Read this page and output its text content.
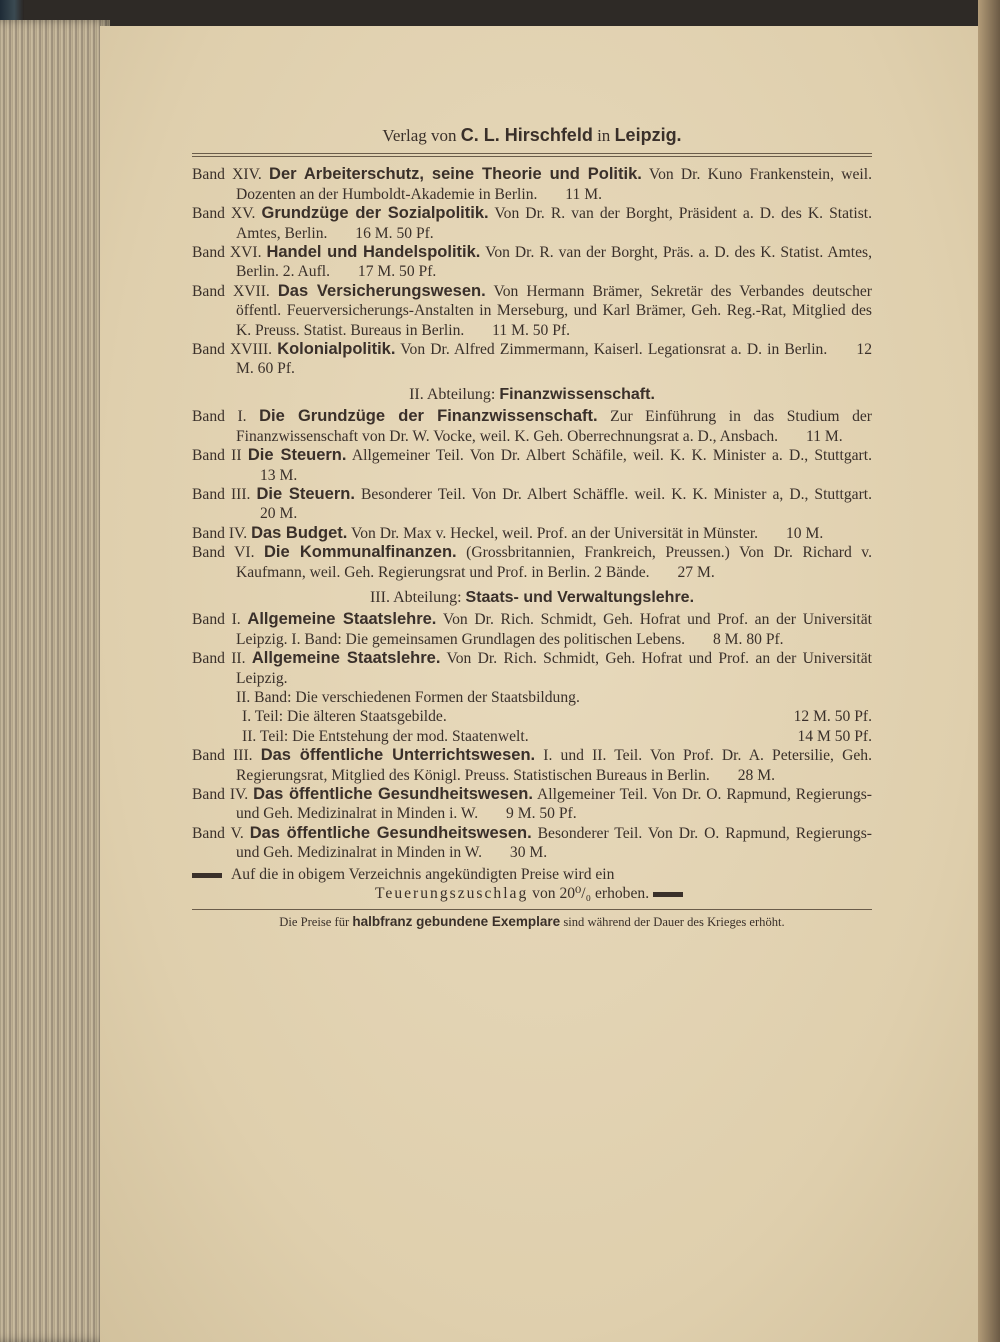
Verlag von C. L. Hirschfeld in Leipzig.

Band XIV. Der Arbeiterschutz, seine Theorie und Politik. Von Dr. Kuno Frankenstein, weil. Dozenten an der Humboldt-Akademie in Berlin. 11 M.

Band XV. Grundzüge der Sozialpolitik. Von Dr. R. van der Borght, Präsident a. D. des K. Statist. Amtes, Berlin. 16 M. 50 Pf.

Band XVI. Handel und Handelspolitik. Von Dr. R. van der Borght, Präs. a. D. des K. Statist. Amtes, Berlin. 2. Aufl. 17 M. 50 Pf.

Band XVII. Das Versicherungswesen. Von Hermann Brämer, Sekretär des Verbandes deutscher öffentl. Feuerversicherungs-Anstalten in Merseburg, und Karl Brämer, Geh. Reg.-Rat, Mitglied des K. Preuss. Statist. Bureaus in Berlin. 11 M. 50 Pf.

Band XVIII. Kolonialpolitik. Von Dr. Alfred Zimmermann, Kaiserl. Legationsrat a. D. in Berlin. 12 M. 60 Pf.

II. Abteilung: Finanzwissenschaft.

Band I. Die Grundzüge der Finanzwissenschaft. Zur Einführung in das Studium der Finanzwissenschaft von Dr. W. Vocke, weil. K. Geh. Oberrechnungsrat a. D., Ansbach. 11 M.

Band II Die Steuern. Allgemeiner Teil. Von Dr. Albert Schäfile, weil. K. K. Minister a. D., Stuttgart. 13 M.

Band III. Die Steuern. Besonderer Teil. Von Dr. Albert Schäffle. weil. K. K. Minister a, D., Stuttgart. 20 M.

Band IV. Das Budget. Von Dr. Max v. Heckel, weil. Prof. an der Universität in Münster. 10 M.

Band VI. Die Kommunalfinanzen. (Grossbritannien, Frankreich, Preussen.) Von Dr. Richard v. Kaufmann, weil. Geh. Regierungsrat und Prof. in Berlin. 2 Bände. 27 M.

III. Abteilung: Staats- und Verwaltungslehre.

Band I. Allgemeine Staatslehre. Von Dr. Rich. Schmidt, Geh. Hofrat und Prof. an der Universität Leipzig. I. Band: Die gemeinsamen Grundlagen des politischen Lebens. 8 M. 80 Pf.

Band II. Allgemeine Staatslehre. Von Dr. Rich. Schmidt, Geh. Hofrat und Prof. an der Universität Leipzig.

II. Band: Die verschiedenen Formen der Staatsbildung.
I. Teil: Die älteren Staatsgebilde.	12 M. 50 Pf.
II. Teil: Die Entstehung der mod. Staatenwelt.	14 M 50 Pf.

Band III. Das öffentliche Unterrichtswesen. I. und II. Teil. Von Prof. Dr. A. Petersilie, Geh. Regierungsrat, Mitglied des Königl. Preuss. Statistischen Bureaus in Berlin. 28 M.

Band IV. Das öffentliche Gesundheitswesen. Allgemeiner Teil. Von Dr. O. Rapmund, Regierungs- und Geh. Medizinalrat in Minden i. W. 9 M. 50 Pf.

Band V. Das öffentliche Gesundheitswesen. Besonderer Teil. Von Dr. O. Rapmund, Regierungs- und Geh. Medizinalrat in Minden in W. 30 M.

Auf die in obigem Verzeichnis angekündigten Preise wird ein
Teuerungszuschlag von 20⁰/₀ erhoben.
Die Preise für halbfranz gebundene Exemplare sind während der Dauer des Krieges erhöht.
